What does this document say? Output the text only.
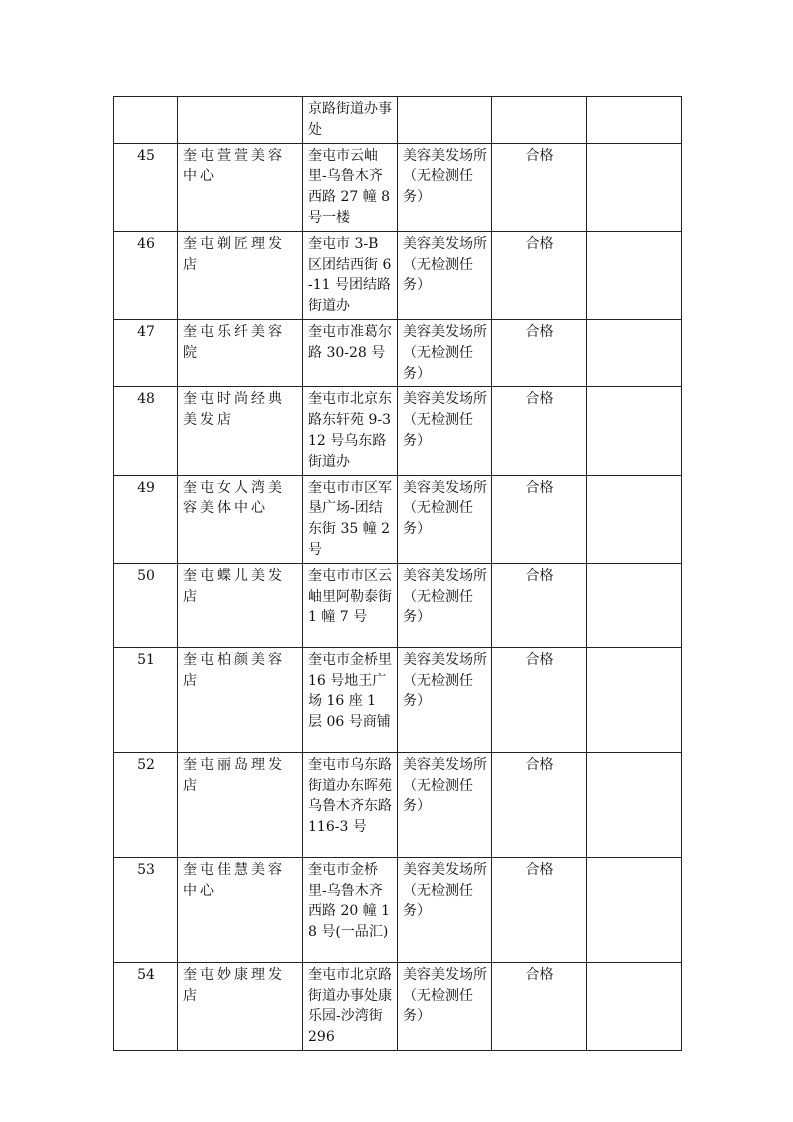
		京路街道办事处			
45	奎屯萱萱美容中心	奎屯市云岫里-乌鲁木齐西路 27 幢 8 号一楼	美容美发场所（无检测任务）	合格	
46	奎屯剃匠理发店	奎屯市 3-B 区团结西街 6-11 号团结路街道办	美容美发场所（无检测任务）	合格	
47	奎屯乐纤美容院	奎屯市准葛尔路 30-28 号	美容美发场所（无检测任务）	合格	
48	奎屯时尚经典美发店	奎屯市北京东路东轩苑 9-312 号乌东路街道办	美容美发场所（无检测任务）	合格	
49	奎屯女人湾美容美体中心	奎屯市市区军垦广场-团结东街 35 幢 2 号	美容美发场所（无检测任务）	合格	
50	奎屯蝶儿美发店	奎屯市市区云岫里阿勒泰街 1 幢 7 号	美容美发场所（无检测任务）	合格	
51	奎屯柏颜美容店	奎屯市金桥里 16 号地王广场 16 座 1 层 06 号商铺	美容美发场所（无检测任务）	合格	
52	奎屯丽岛理发店	奎屯市乌东路街道办东晖苑乌鲁木齐东路 116-3 号	美容美发场所（无检测任务）	合格	
53	奎屯佳慧美容中心	奎屯市金桥里-乌鲁木齐西路 20 幢 18 号(一品汇)	美容美发场所（无检测任务）	合格	
54	奎屯妙康理发店	奎屯市北京路街道办事处康乐园-沙湾街 296	美容美发场所（无检测任务）	合格	
